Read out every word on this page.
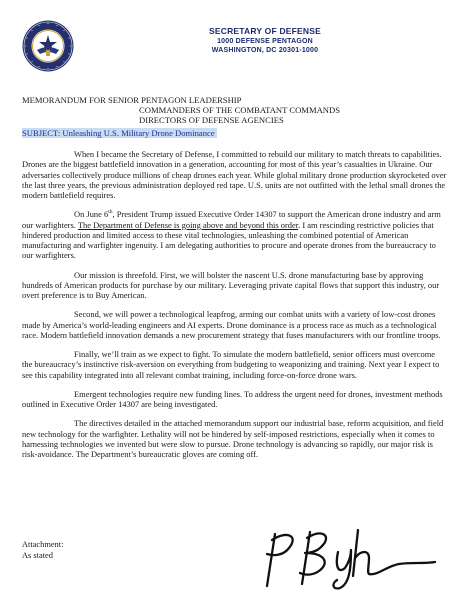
SECRETARY OF DEFENSE
1000 DEFENSE PENTAGON
WASHINGTON, DC 20301-1000
MEMORANDUM FOR SENIOR PENTAGON LEADERSHIP
COMMANDERS OF THE COMBATANT COMMANDS
DIRECTORS OF DEFENSE AGENCIES
SUBJECT: Unleashing U.S. Military Drone Dominance

When I became the Secretary of Defense, I committed to rebuild our military to match threats to capabilities. Drones are the biggest battlefield innovation in a generation, accounting for most of this year’s casualties in Ukraine. Our adversaries collectively produce millions of cheap drones each year. While global military drone production skyrocketed over the last three years, the previous administration deployed red tape. U.S. units are not outfitted with the lethal small drones the modern battlefield requires.

On June 6th, President Trump issued Executive Order 14307 to support the American drone industry and arm our warfighters. The Department of Defense is going above and beyond this order. I am rescinding restrictive policies that hindered production and limited access to these vital technologies, unleashing the combined potential of American manufacturing and warfighter ingenuity. I am delegating authorities to procure and operate drones from the bureaucracy to our warfighters.

Our mission is threefold. First, we will bolster the nascent U.S. drone manufacturing base by approving hundreds of American products for purchase by our military. Leveraging private capital flows that support this industry, our overt preference is to Buy American.

Second, we will power a technological leapfrog, arming our combat units with a variety of low-cost drones made by America’s world-leading engineers and AI experts. Drone dominance is a process race as much as a technological race. Modern battlefield innovation demands a new procurement strategy that fuses manufacturers with our frontline troops.

Finally, we’ll train as we expect to fight. To simulate the modern battlefield, senior officers must overcome the bureaucracy’s instinctive risk-aversion on everything from budgeting to weaponizing and training. Next year I expect to see this capability integrated into all relevant combat training, including force-on-force drone wars.

Emergent technologies require new funding lines. To address the urgent need for drones, investment methods outlined in Executive Order 14307 are being investigated.

The directives detailed in the attached memorandum support our industrial base, reform acquisition, and field new technology for the warfighter. Lethality will not be hindered by self-imposed restrictions, especially when it comes to harnessing technologies we invented but were slow to pursue. Drone technology is advancing so rapidly, our major risk is risk-avoidance. The Department’s bureaucratic gloves are coming off.

Attachment:
As stated
